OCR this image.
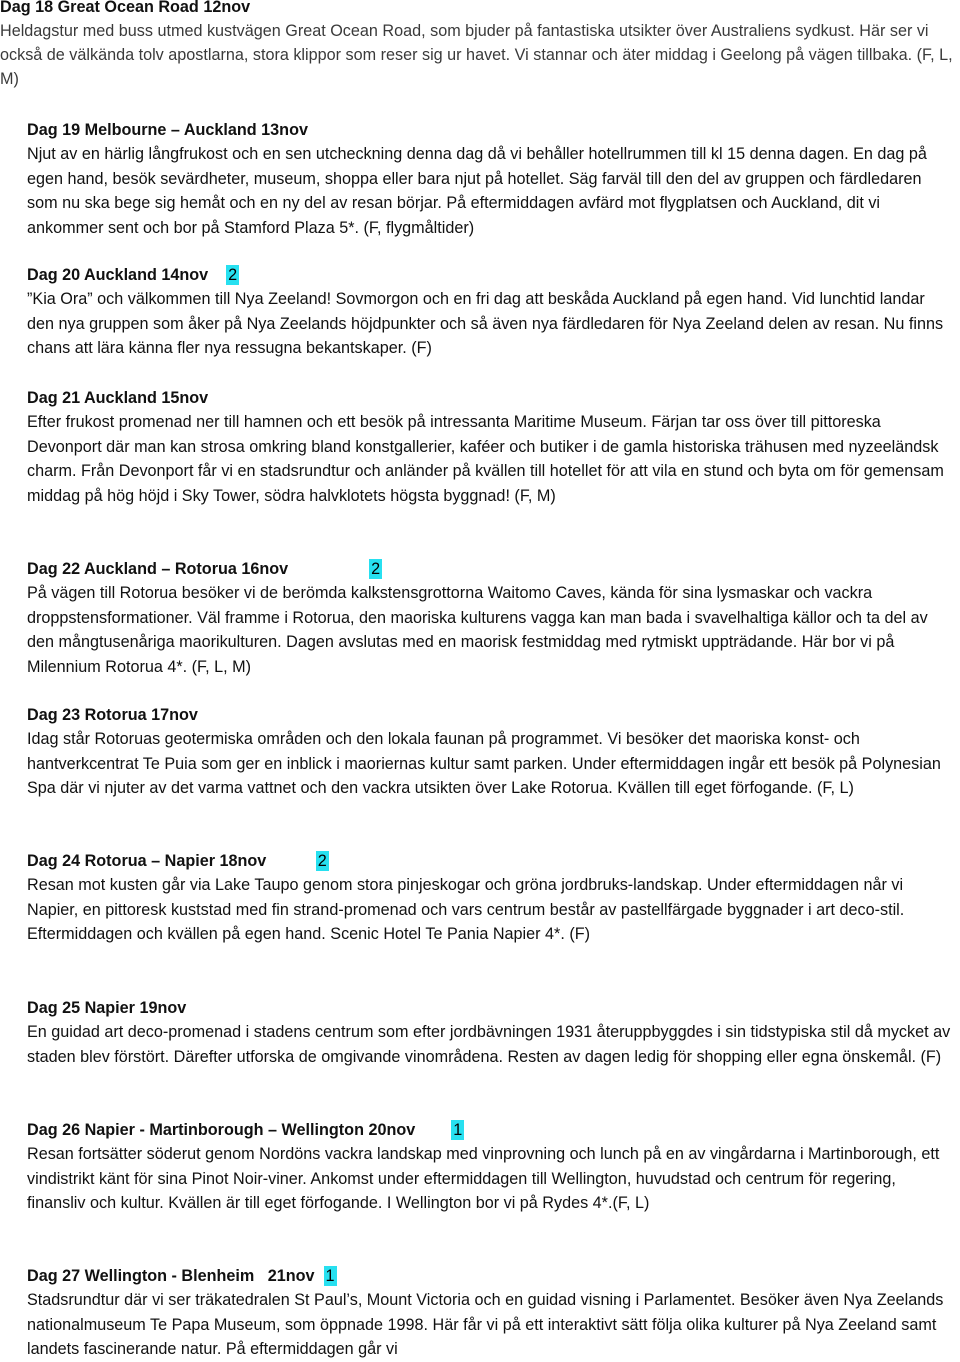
Dag 18 Great Ocean Road 12nov
Heldagstur med buss utmed kustvägen Great Ocean Road, som bjuder på fantastiska utsikter över Australiens sydkust. Här ser vi också de välkända tolv apostlarna, stora klippor som reser sig ur havet. Vi stannar och äter middag i Geelong på vägen tillbaka. (F, L, M)
Dag 19 Melbourne – Auckland 13nov
Njut av en härlig långfrukost och en sen utcheckning denna dag då vi behåller hotellrummen till kl 15 denna dagen. En dag på egen hand, besök sevärdheter, museum, shoppa eller bara njut på hotellet. Säg farväl till den del av gruppen och färdledaren som nu ska bege sig hemåt och en ny del av resan börjar. På eftermiddagen avfärd mot flygplatsen och Auckland, dit vi ankommer sent och bor på Stamford Plaza 5*. (F, flygmåltider)
Dag 20 Auckland 14nov    2
”Kia Ora” och välkommen till Nya Zeeland! Sovmorgon och en fri dag att beskåda Auckland på egen hand. Vid lunchtid landar den nya gruppen som åker på Nya Zeelands höjdpunkter och så även nya färdledaren för Nya Zeeland delen av resan. Nu finns chans att lära känna fler nya ressugna bekantskaper. (F)
Dag 21 Auckland 15nov
Efter frukost promenad ner till hamnen och ett besök på intressanta Maritime Museum. Färjan tar oss över till pittoreska Devonport där man kan strosa omkring bland konstgallerier, kaféer och butiker i de gamla historiska trähusen med nyzeeländsk charm. Från Devonport får vi en stadsrundtur och anländer på kvällen till hotellet för att vila en stund och byta om för gemensam middag på hög höjd i Sky Tower, södra halvklotets högsta byggnad! (F, M)
Dag 22 Auckland – Rotorua 16nov                  2
På vägen till Rotorua besöker vi de berömda kalkstensgrottorna Waitomo Caves, kända för sina lysmaskar och vackra droppstensformationer. Väl framme i Rotorua, den maoriska kulturens vagga kan man bada i svavelhaltiga källor och ta del av den mångtusenåriga maorikulturen. Dagen avslutas med en maorisk festmiddag med rytmiskt uppträdande. Här bor vi på Milennium Rotorua 4*. (F, L, M)
Dag 23 Rotorua 17nov
Idag står Rotoruas geotermiska områden och den lokala faunan på programmet. Vi besöker det maoriska konst- och hantverkcentrat Te Puia som ger en inblick i maoriernas kultur samt parken. Under eftermiddagen ingår ett besök på Polynesian Spa där vi njuter av det varma vattnet och den vackra utsikten över Lake Rotorua. Kvällen till eget förfogande. (F, L)
Dag 24 Rotorua – Napier 18nov           2
Resan mot kusten går via Lake Taupo genom stora pinjeskogar och gröna jordbruks-landskap. Under eftermiddagen når vi Napier, en pittoresk kuststad med fin strand-promenad och vars centrum består av pastellfärgade byggnader i art deco-stil. Eftermiddagen och kvällen på egen hand. Scenic Hotel Te Pania Napier 4*. (F)
Dag 25 Napier 19nov
En guidad art deco-promenad i stadens centrum som efter jordbävningen 1931 återuppbyggdes i sin tidstypiska stil då mycket av staden blev förstört. Därefter utforska de omgivande vinområdena. Resten av dagen ledig för shopping eller egna önskemål. (F)
Dag 26 Napier - Martinborough – Wellington 20nov        1
Resan fortsätter söderut genom Nordöns vackra landskap med vinprovning och lunch på en av vingårdarna i Martinborough, ett vindistrikt känt för sina Pinot Noir-viner. Ankomst under eftermiddagen till Wellington, huvudstad och centrum för regering, finansliv och kultur. Kvällen är till eget förfogande. I Wellington bor vi på Rydes 4*.(F, L)
Dag 27 Wellington - Blenheim   21nov  1
Stadsrundtur där vi ser träkatedralen St Paul’s, Mount Victoria och en guidad visning i Parlamentet. Besöker även Nya Zeelands nationalmuseum Te Papa Museum, som öppnade 1998. Här får vi på ett interaktivt sätt följa olika kulturer på Nya Zeeland samt landets fascinerande natur. På eftermiddagen går vi
